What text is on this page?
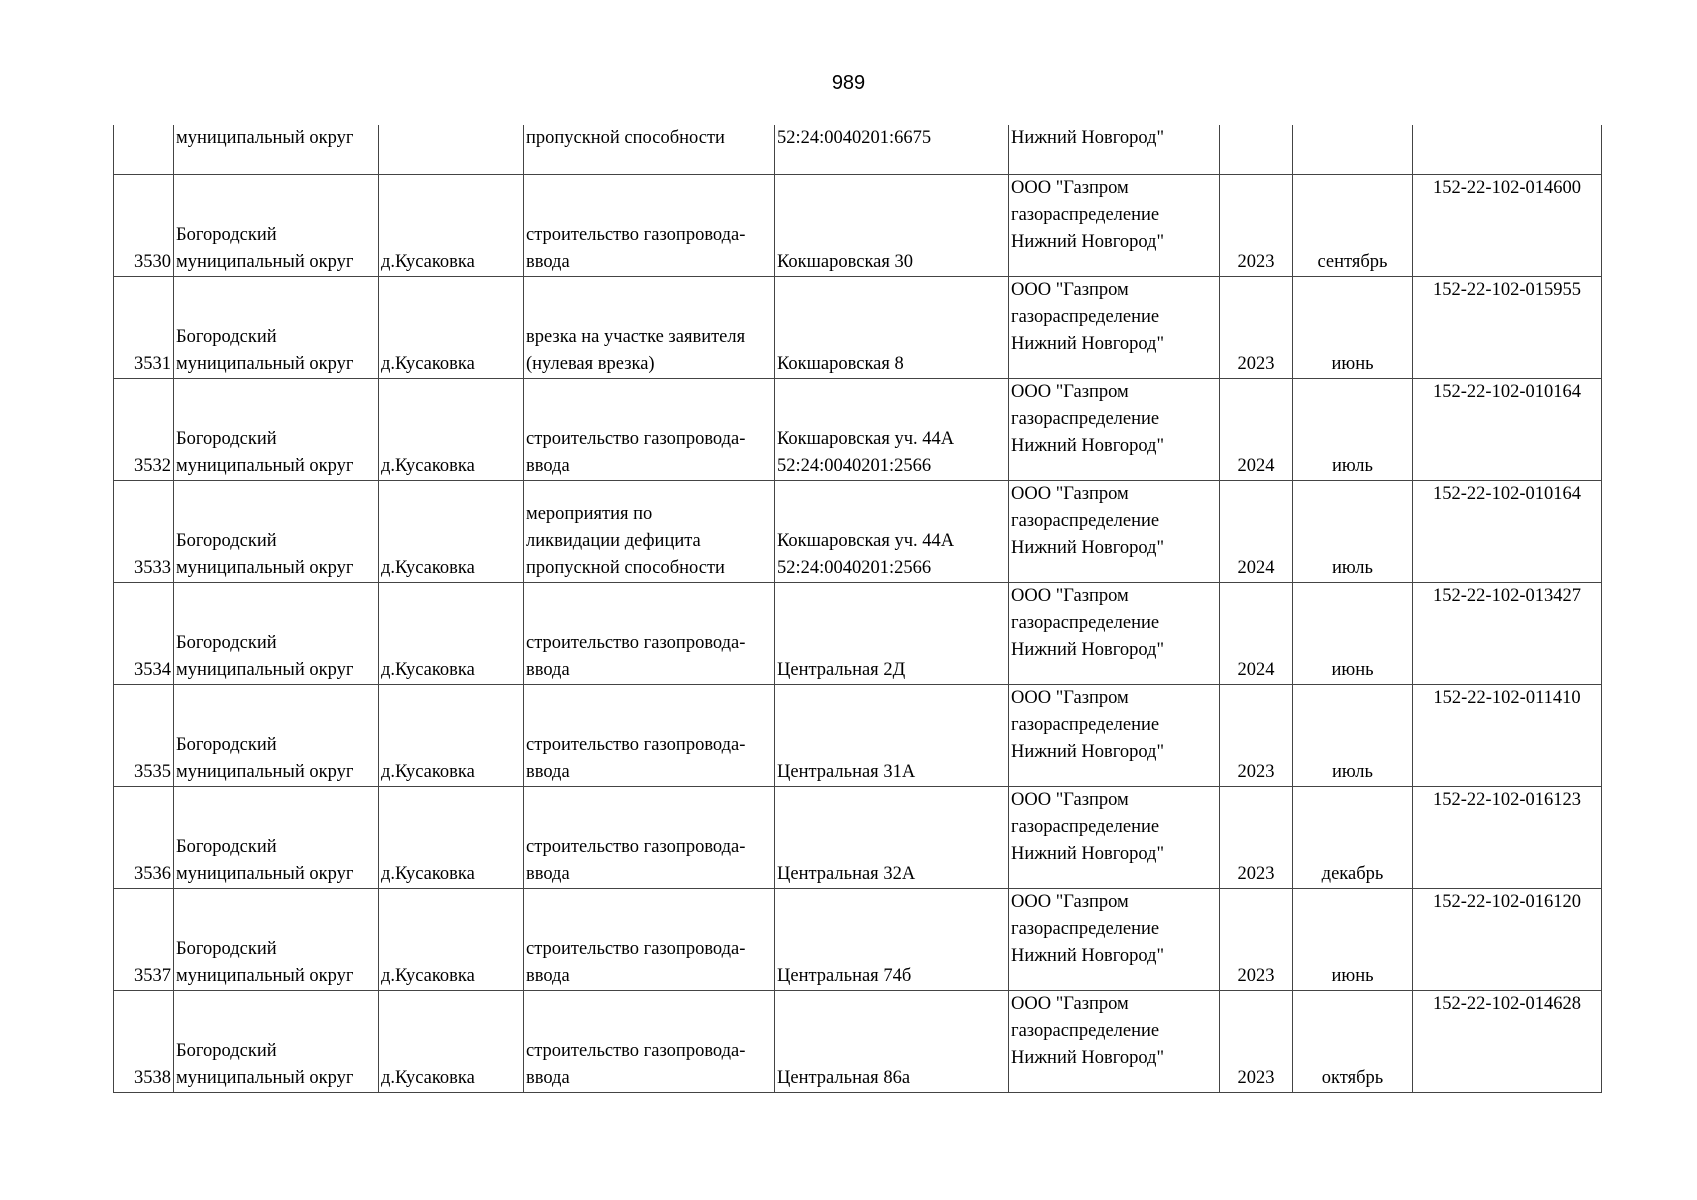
989
	муниципальный округ		пропускной способности	52:24:0040201:6675	Нижний Новгород"			
3530	Богородский
муниципальный округ	д.Кусаковка	строительство газопровода-
ввода	Кокшаровская 30	ООО "Газпром
газораспределение
Нижний Новгород"	2023	сентябрь	152-22-102-014600
3531	Богородский
муниципальный округ	д.Кусаковка	врезка на участке заявителя
(нулевая врезка)	Кокшаровская 8	ООО "Газпром
газораспределение
Нижний Новгород"	2023	июнь	152-22-102-015955
3532	Богородский
муниципальный округ	д.Кусаковка	строительство газопровода-
ввода	Кокшаровская уч. 44А
52:24:0040201:2566	ООО "Газпром
газораспределение
Нижний Новгород"	2024	июль	152-22-102-010164
3533	Богородский
муниципальный округ	д.Кусаковка	мероприятия по
ликвидации дефицита
пропускной способности	Кокшаровская уч. 44А
52:24:0040201:2566	ООО "Газпром
газораспределение
Нижний Новгород"	2024	июль	152-22-102-010164
3534	Богородский
муниципальный округ	д.Кусаковка	строительство газопровода-
ввода	Центральная 2Д	ООО "Газпром
газораспределение
Нижний Новгород"	2024	июнь	152-22-102-013427
3535	Богородский
муниципальный округ	д.Кусаковка	строительство газопровода-
ввода	Центральная 31А	ООО "Газпром
газораспределение
Нижний Новгород"	2023	июль	152-22-102-011410
3536	Богородский
муниципальный округ	д.Кусаковка	строительство газопровода-
ввода	Центральная 32А	ООО "Газпром
газораспределение
Нижний Новгород"	2023	декабрь	152-22-102-016123
3537	Богородский
муниципальный округ	д.Кусаковка	строительство газопровода-
ввода	Центральная 74б	ООО "Газпром
газораспределение
Нижний Новгород"	2023	июнь	152-22-102-016120
3538	Богородский
муниципальный округ	д.Кусаковка	строительство газопровода-
ввода	Центральная 86а	ООО "Газпром
газораспределение
Нижний Новгород"	2023	октябрь	152-22-102-014628
